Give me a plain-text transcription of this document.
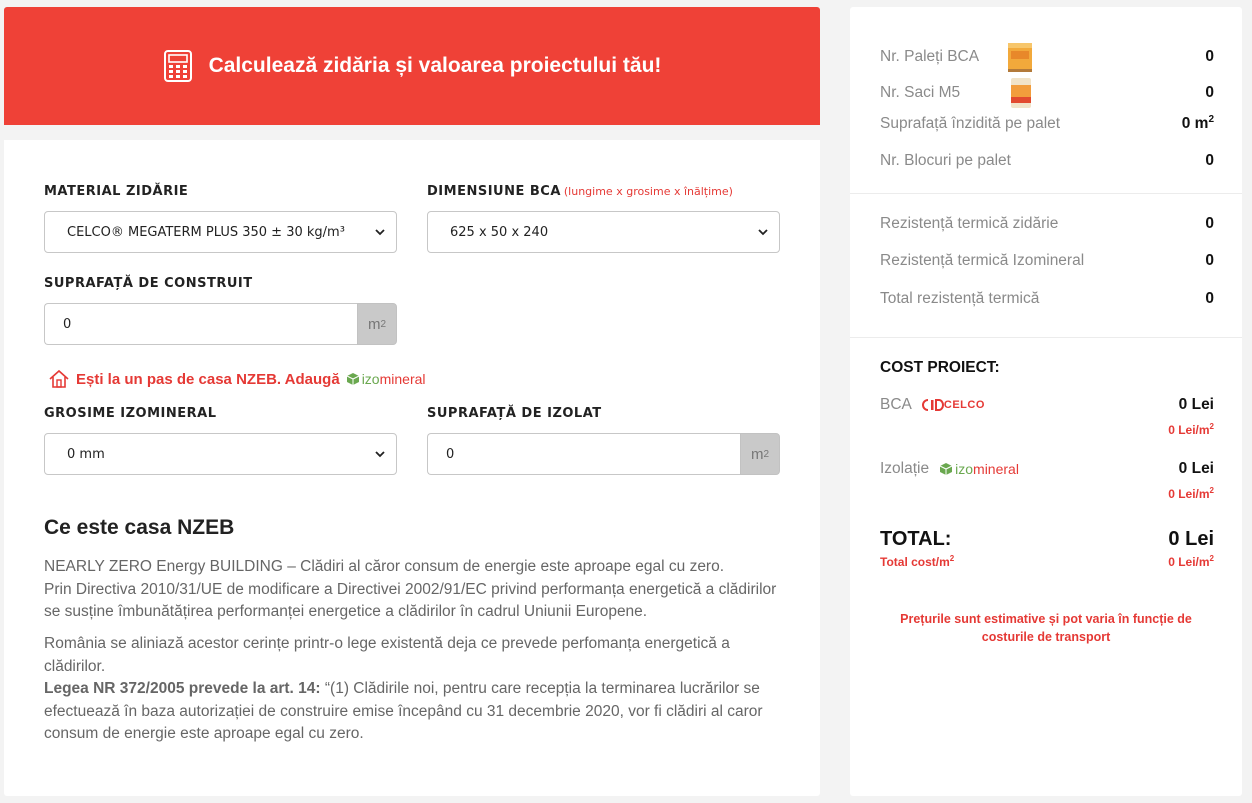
Calculează zidăria și valoarea proiectului tău!
MATERIAL ZIDĂRIE
CELCO® MEGATERM PLUS 350 ± 30 kg/m³
DIMENSIUNE BCA (lungime x grosime x înălțime)
625 x 50 x 240
SUPRAFAȚĂ DE CONSTRUIT
0	m 2
Ești la un pas de casa NZEB. Adaugă izomineral
GROSIME IZOMINERAL
0 mm
SUPRAFAȚĂ DE IZOLAT
0	m 2
Ce este casa NZEB
NEARLY ZERO Energy BUILDING – Clădiri al căror consum de energie este aproape egal cu zero.
Prin Directiva 2010/31/UE de modificare a Directivei 2002/91/EC privind performanța energetică a clădirilor se susține îmbunătățirea performanței energetice a clădirilor în cadrul Uniunii Europene.
România se aliniază acestor cerințe printr-o lege existentă deja ce prevede perfomanța energetică a clădirilor.
Legea NR 372/2005 prevede la art. 14: “(1) Clădirile noi, pentru care recepția la terminarea lucrărilor se efectuează în baza autorizației de construire emise începând cu 31 decembrie 2020, vor fi clădiri al caror consum de energie este aproape egal cu zero.
Nr. Paleți BCA	0
Nr. Saci M5	0
Suprafață înzidită pe palet	0 $m^2$
Nr. Blocuri pe palet	0
Rezistență termică zidărie	0
Rezistență termică Izomineral	0
Total rezistență termică	0
COST PROIECT:
BCA	CELCO	0 Lei
0 Lei/$m^2$
Izolație izomineral	0 Lei
0 Lei/$m^2$
TOTAL:	0 Lei
Total cost/$m^2$	0 Lei/$m^2$
Prețurile sunt estimative și pot varia în funcție de costurile de transport
